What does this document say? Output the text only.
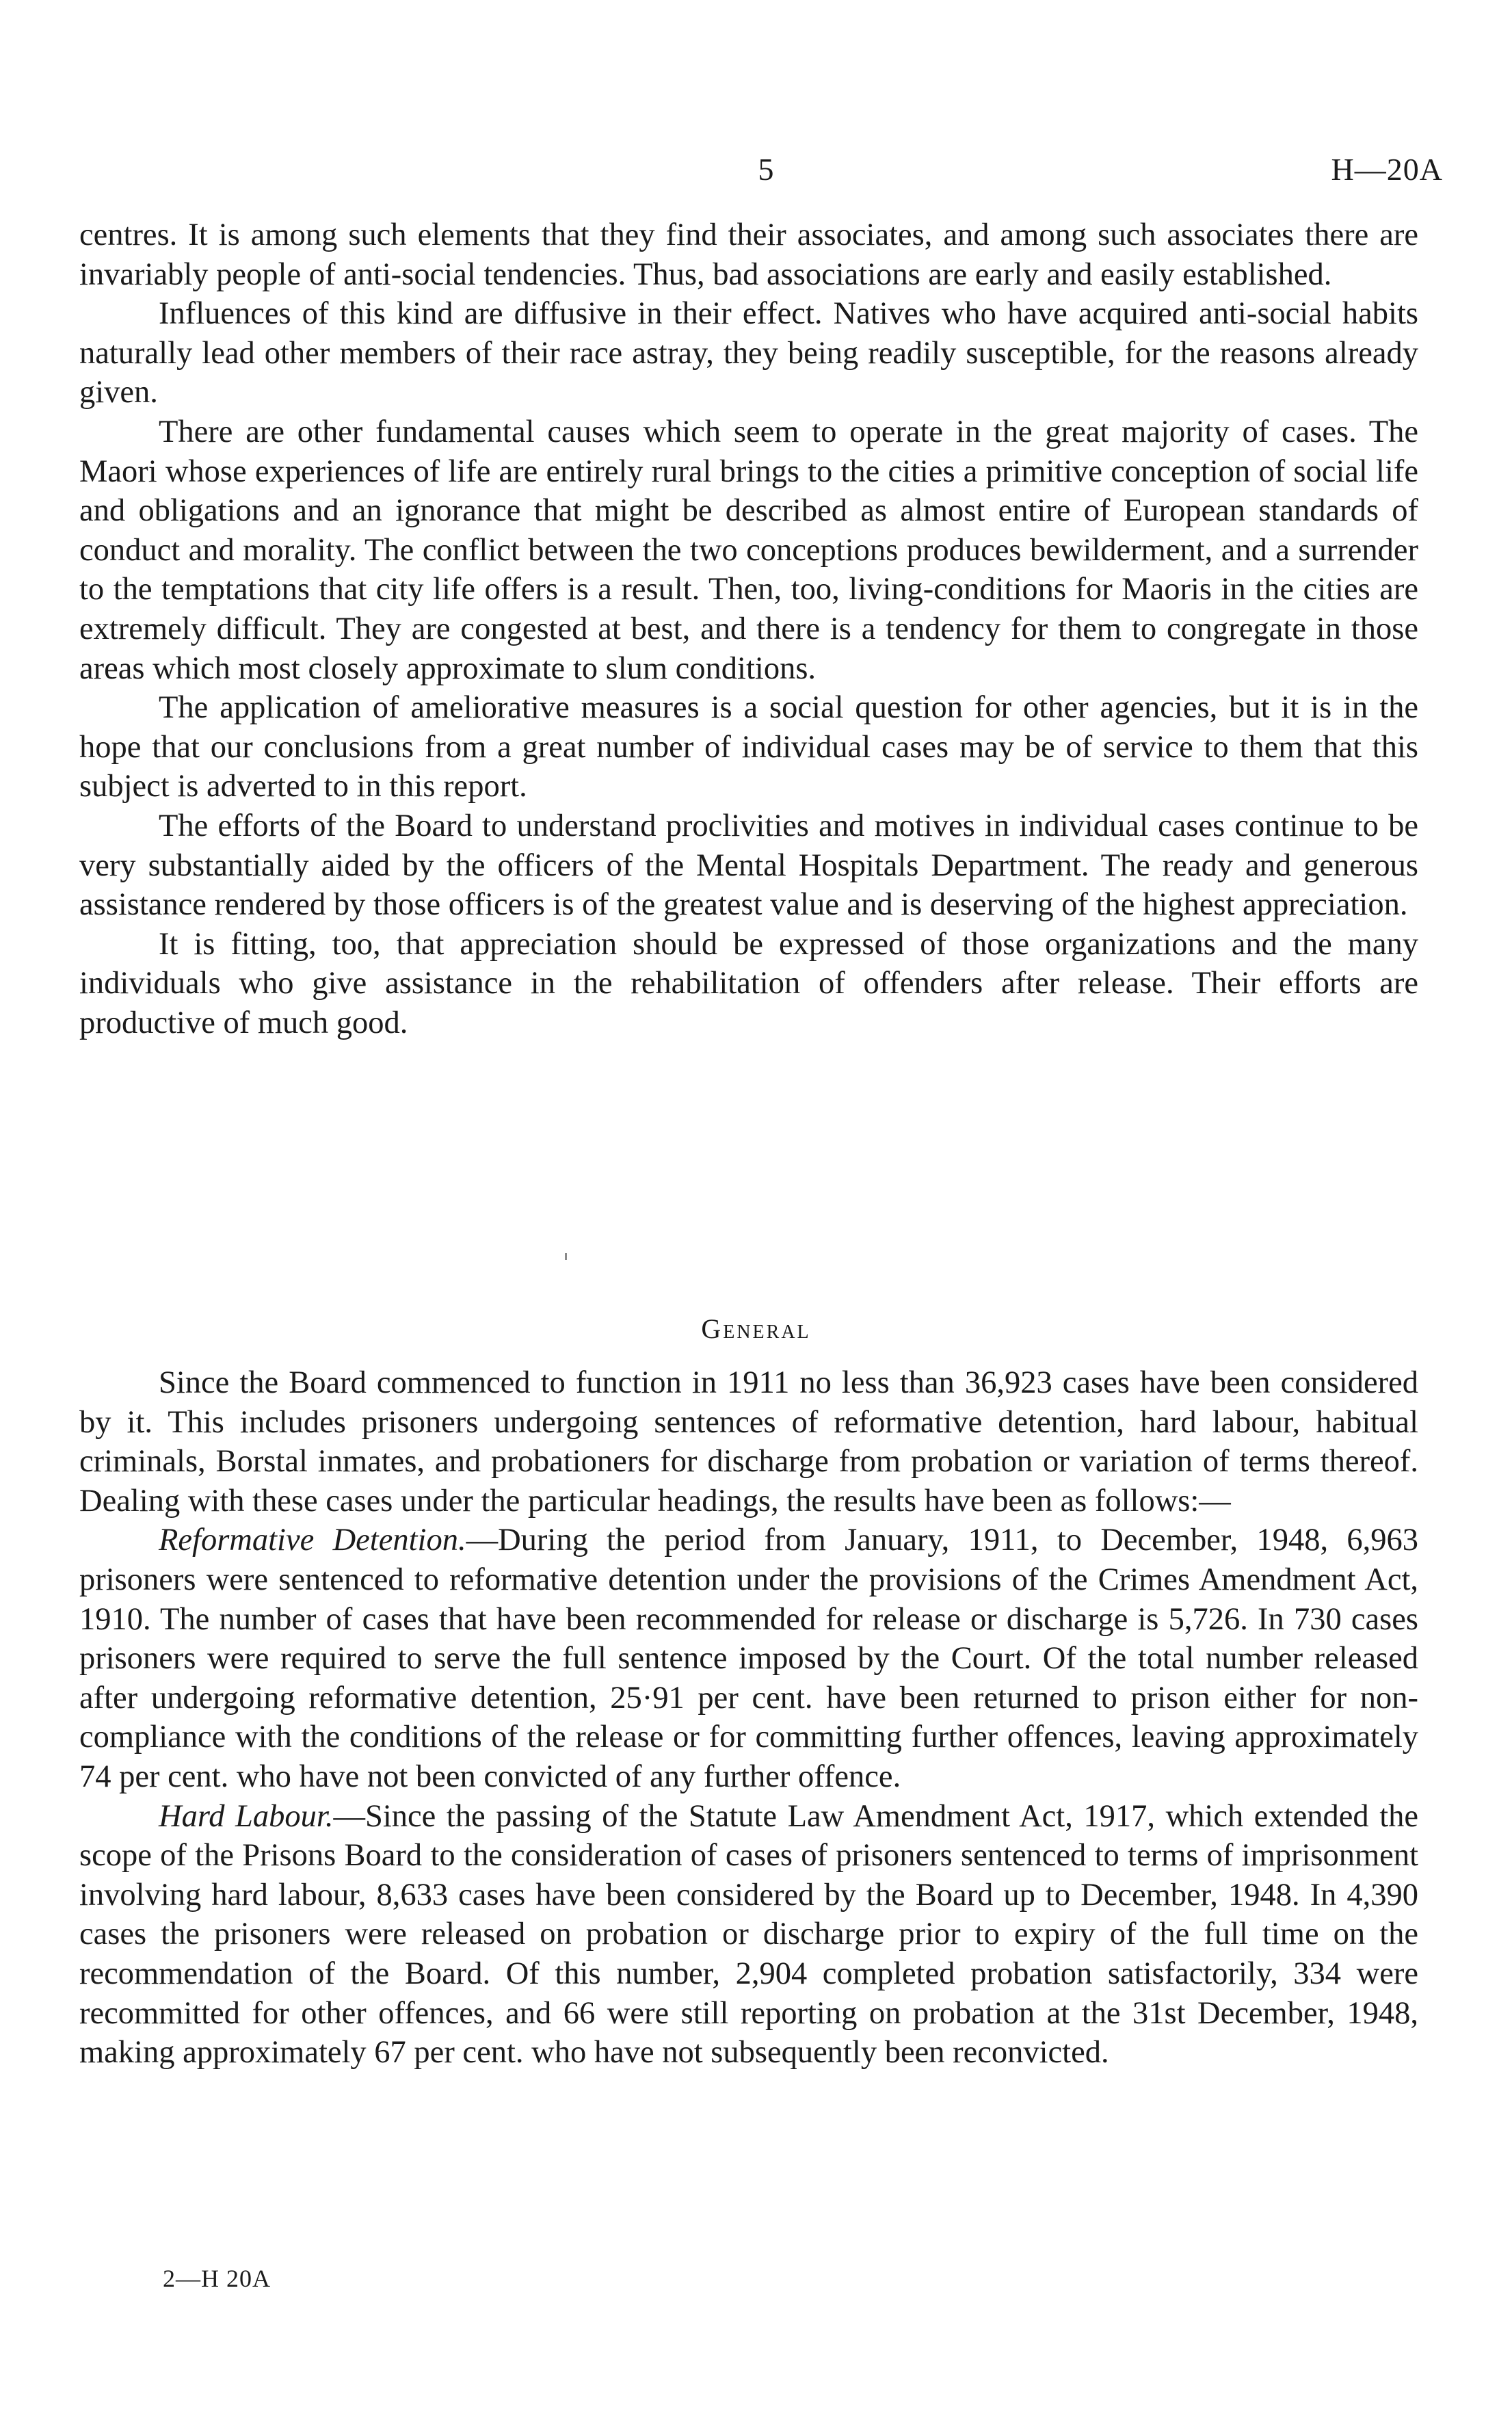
5	H—20A

centres. It is among such elements that they find their associates, and among such associates there are invariably people of anti-social tendencies. Thus, bad associations are early and easily established.

Influences of this kind are diffusive in their effect. Natives who have acquired anti-social habits naturally lead other members of their race astray, they being readily susceptible, for the reasons already given.

There are other fundamental causes which seem to operate in the great majority of cases. The Maori whose experiences of life are entirely rural brings to the cities a primitive conception of social life and obligations and an ignorance that might be described as almost entire of European standards of conduct and morality. The conflict between the two conceptions produces bewilderment, and a surrender to the temptations that city life offers is a result. Then, too, living-conditions for Maoris in the cities are extremely difficult. They are congested at best, and there is a tendency for them to congregate in those areas which most closely approximate to slum conditions.

The application of ameliorative measures is a social question for other agencies, but it is in the hope that our conclusions from a great number of individual cases may be of service to them that this subject is adverted to in this report.

The efforts of the Board to understand proclivities and motives in individual cases continue to be very substantially aided by the officers of the Mental Hospitals Department. The ready and generous assistance rendered by those officers is of the greatest value and is deserving of the highest appreciation.

It is fitting, too, that appreciation should be expressed of those organizations and the many individuals who give assistance in the rehabilitation of offenders after release. Their efforts are productive of much good.

General

Since the Board commenced to function in 1911 no less than 36,923 cases have been considered by it. This includes prisoners undergoing sentences of reformative detention, hard labour, habitual criminals, Borstal inmates, and probationers for discharge from probation or variation of terms thereof. Dealing with these cases under the particular headings, the results have been as follows:—

Reformative Detention.—During the period from January, 1911, to December, 1948, 6,963 prisoners were sentenced to reformative detention under the provisions of the Crimes Amendment Act, 1910. The number of cases that have been recommended for release or discharge is 5,726. In 730 cases prisoners were required to serve the full sentence imposed by the Court. Of the total number released after undergoing reformative detention, 25·91 per cent. have been returned to prison either for non-compliance with the conditions of the release or for committing further offences, leaving approximately 74 per cent. who have not been convicted of any further offence.

Hard Labour.—Since the passing of the Statute Law Amendment Act, 1917, which extended the scope of the Prisons Board to the consideration of cases of prisoners sentenced to terms of imprisonment involving hard labour, 8,633 cases have been considered by the Board up to December, 1948. In 4,390 cases the prisoners were released on probation or discharge prior to expiry of the full time on the recommendation of the Board. Of this number, 2,904 completed probation satisfactorily, 334 were recommitted for other offences, and 66 were still reporting on probation at the 31st December, 1948, making approximately 67 per cent. who have not subsequently been reconvicted.

2—H 20A
